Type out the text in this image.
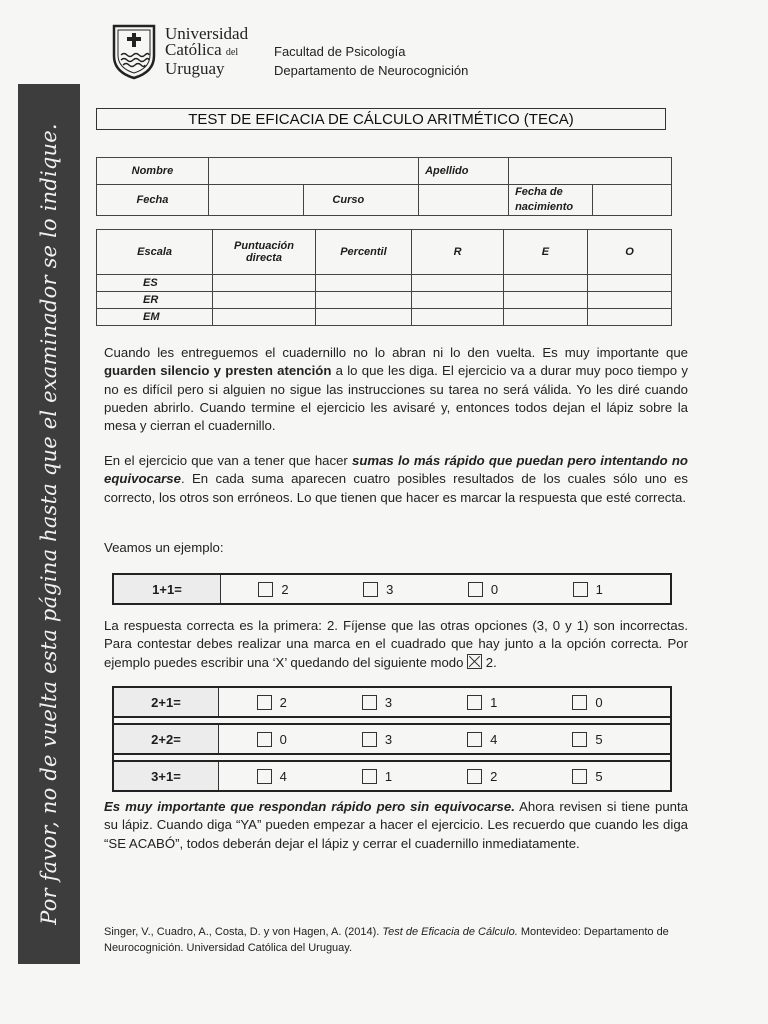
Por favor, no de vuelta esta página hasta que el examinador se lo indique.
Universidad
Católica del
Uruguay
Facultad de Psicología
Departamento de Neurocognición
TEST DE EFICACIA DE CÁLCULO ARITMÉTICO (TECA)
Nombre			Apellido		
Fecha		Curso		Fecha de
nacimiento	
Escala	Puntuación directa	Percentil	R	E	O
ES					
ER					
EM					
Cuando les entreguemos el cuadernillo no lo abran ni lo den vuelta. Es muy importante que guarden silencio y presten atención a lo que les diga. El ejercicio va a durar muy poco tiempo y no es difícil pero si alguien no sigue las instrucciones su tarea no será válida. Yo les diré cuando pueden abrirlo. Cuando termine el ejercicio les avisaré y, entonces todos dejan el lápiz sobre la mesa y cierran el cuadernillo.
En el ejercicio que van a tener que hacer sumas lo más rápido que puedan pero intentando no equivocarse. En cada suma aparecen cuatro posibles resultados de los cuales sólo uno es correcto, los otros son erróneos. Lo que tienen que hacer es marcar la respuesta que esté correcta.
Veamos un ejemplo:
1+1=	2	3	0	1
La respuesta correcta es la primera: 2. Fíjense que las otras opciones (3, 0 y 1) son incorrectas. Para contestar debes realizar una marca en el cuadrado que hay junto a la opción correcta. Por ejemplo puedes escribir una ‘X’ quedando del siguiente modo  2.
2+1=	2	3	1	0
2+2=	0	3	4	5
3+1=	4	1	2	5
Es muy importante que respondan rápido pero sin equivocarse. Ahora revisen si tiene punta su lápiz. Cuando diga “YA” pueden empezar a hacer el ejercicio. Les recuerdo que cuando les diga “SE ACABÓ”, todos deberán dejar el lápiz y cerrar el cuadernillo inmediatamente.
Singer, V., Cuadro, A., Costa, D. y von Hagen, A. (2014). Test de Eficacia de Cálculo. Montevideo: Departamento de Neurocognición. Universidad Católica del Uruguay.
